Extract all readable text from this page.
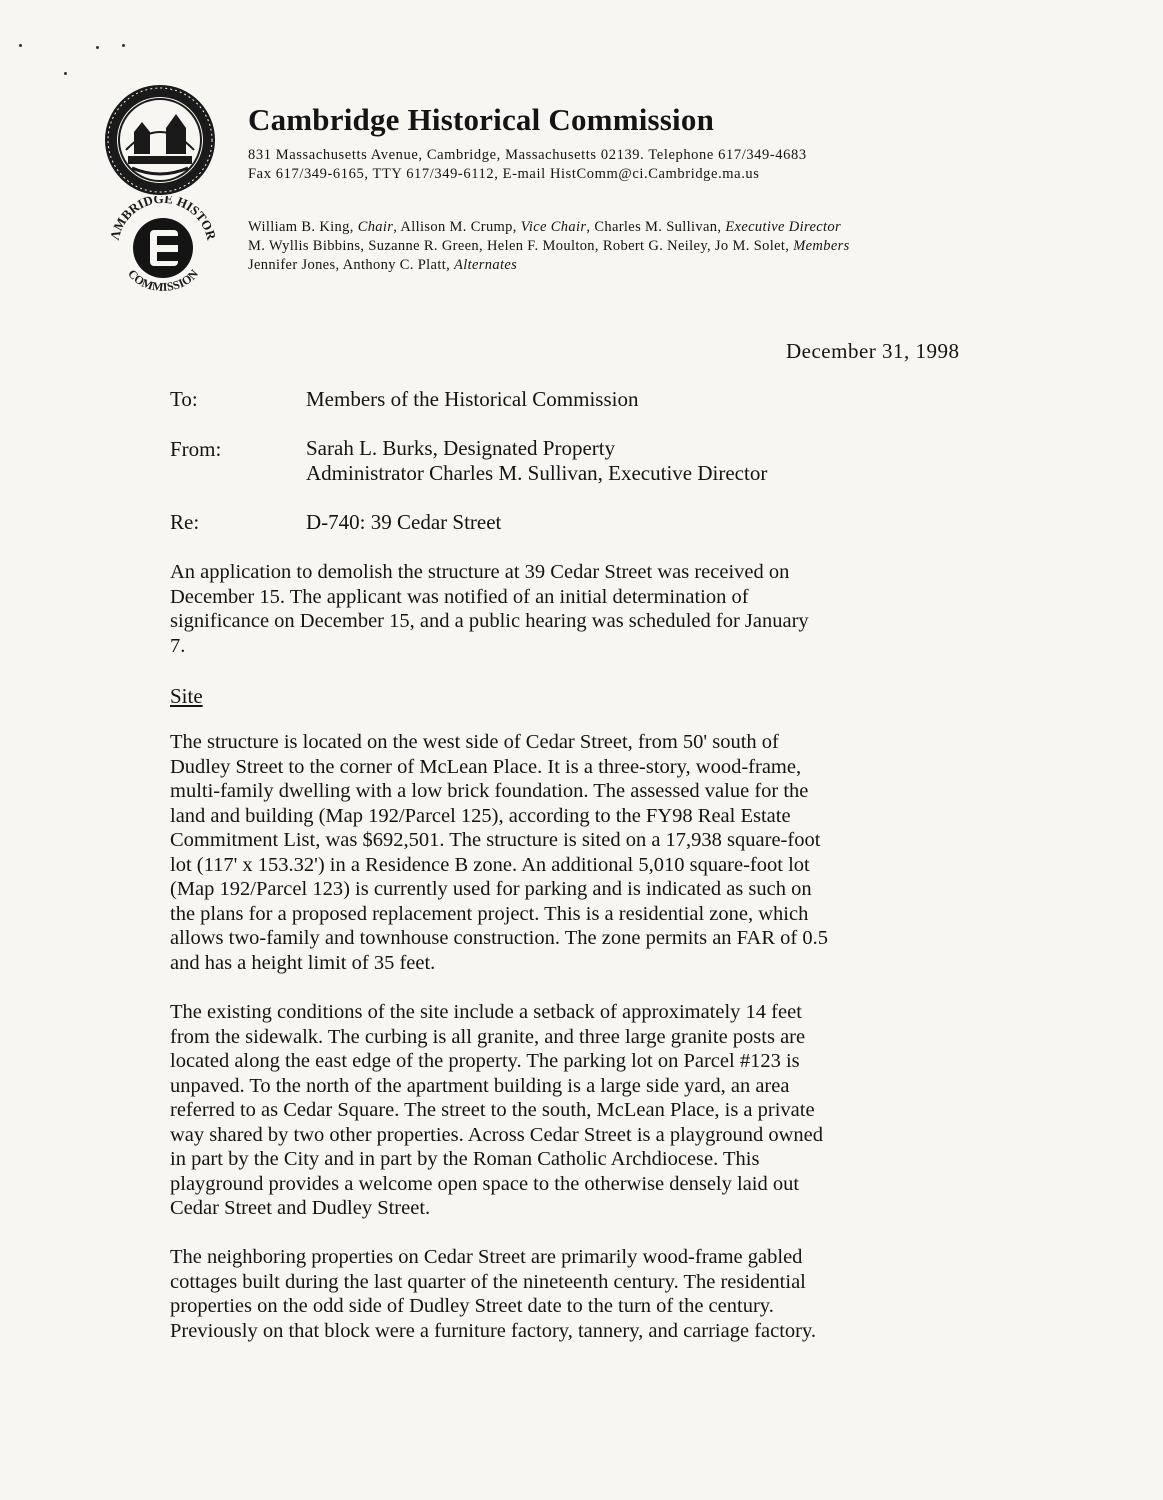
ɅMBRIDGE HISTOR
COMMISSION
Cambridge Historical Commission
831 Massachusetts Avenue, Cambridge, Massachusetts 02139. Telephone 617/349-4683
Fax 617/349-6165, TTY 617/349-6112, E-mail HistComm@ci.Cambridge.ma.us
William B. King, Chair, Allison M. Crump, Vice Chair, Charles M. Sullivan, Executive Director
M. Wyllis Bibbins, Suzanne R. Green, Helen F. Moulton, Robert G. Neiley, Jo M. Solet, Members
Jennifer Jones, Anthony C. Platt, Alternates
December 31, 1998
To:	Members of the Historical Commission
From:	Sarah L. Burks, Designated Property
Administrator Charles M. Sullivan, Executive Director
Re:	D-740: 39 Cedar Street
An application to demolish the structure at 39 Cedar Street was received on
December 15. The applicant was notified of an initial determination of
significance on December 15, and a public hearing was scheduled for January
7.
Site
The structure is located on the west side of Cedar Street, from 50' south of
Dudley Street to the corner of McLean Place. It is a three-story, wood-frame,
multi-family dwelling with a low brick foundation. The assessed value for the
land and building (Map 192/Parcel 125), according to the FY98 Real Estate
Commitment List, was $692,501. The structure is sited on a 17,938 square-foot
lot (117' x 153.32') in a Residence B zone. An additional 5,010 square-foot lot
(Map 192/Parcel 123) is currently used for parking and is indicated as such on
the plans for a proposed replacement project. This is a residential zone, which
allows two-family and townhouse construction. The zone permits an FAR of 0.5
and has a height limit of 35 feet.
The existing conditions of the site include a setback of approximately 14 feet
from the sidewalk. The curbing is all granite, and three large granite posts are
located along the east edge of the property. The parking lot on Parcel #123 is
unpaved. To the north of the apartment building is a large side yard, an area
referred to as Cedar Square. The street to the south, McLean Place, is a private
way shared by two other properties. Across Cedar Street is a playground owned
in part by the City and in part by the Roman Catholic Archdiocese. This
playground provides a welcome open space to the otherwise densely laid out
Cedar Street and Dudley Street.
The neighboring properties on Cedar Street are primarily wood-frame gabled
cottages built during the last quarter of the nineteenth century. The residential
properties on the odd side of Dudley Street date to the turn of the century.
Previously on that block were a furniture factory, tannery, and carriage factory.
